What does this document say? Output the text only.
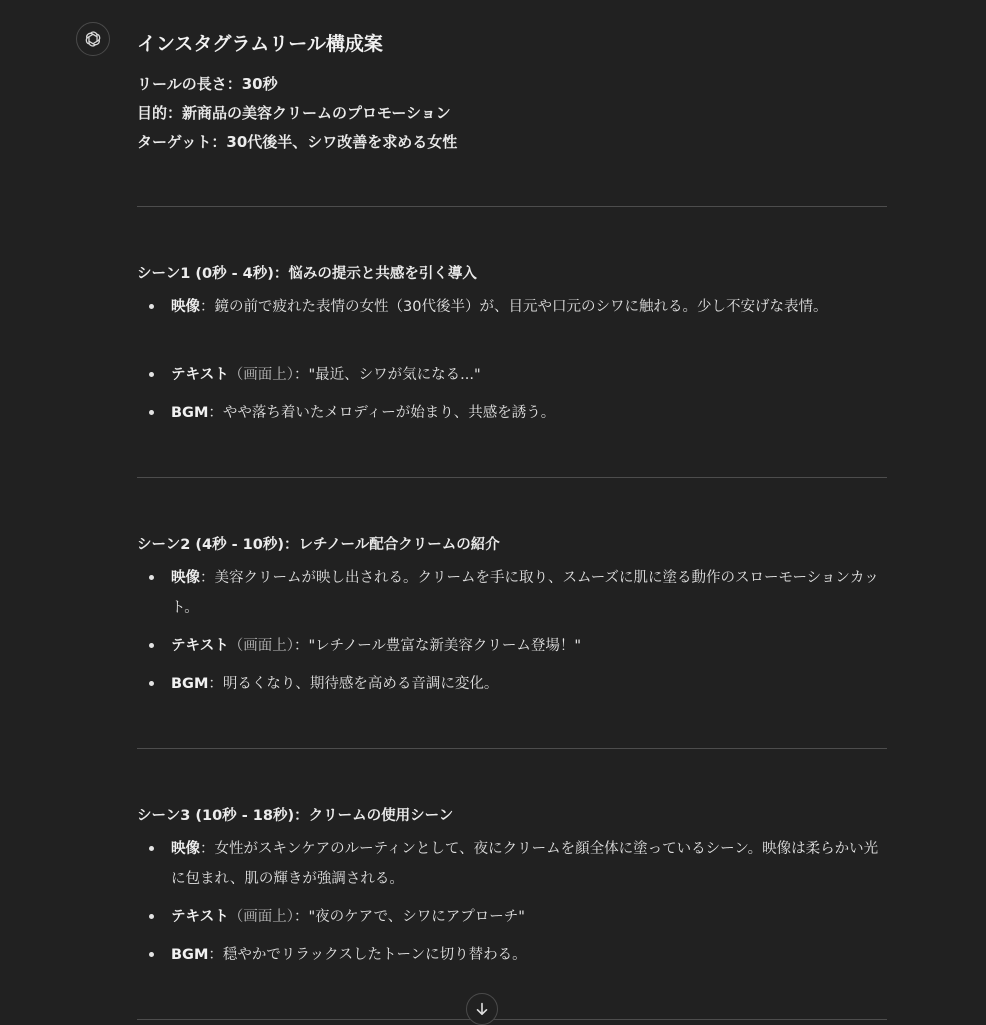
インスタグラムリール構成案
リールの長さ：30秒
目的：新商品の美容クリームのプロモーション
ターゲット：30代後半、シワ改善を求める女性
シーン1 (0秒 - 4秒)：悩みの提示と共感を引く導入
映像：鏡の前で疲れた表情の女性（30代後半）が、目元や口元のシワに触れる。少し不安げな表情。
テキスト（画面上）："最近、シワが気になる..."
BGM：やや落ち着いたメロディーが始まり、共感を誘う。
シーン2 (4秒 - 10秒)：レチノール配合クリームの紹介
映像：美容クリームが映し出される。クリームを手に取り、スムーズに肌に塗る動作のスローモーションカット。
テキスト（画面上）："レチノール豊富な新美容クリーム登場！"
BGM：明るくなり、期待感を高める音調に変化。
シーン3 (10秒 - 18秒)：クリームの使用シーン
映像：女性がスキンケアのルーティンとして、夜にクリームを顔全体に塗っているシーン。映像は柔らかい光に包まれ、肌の輝きが強調される。
テキスト（画面上）："夜のケアで、シワにアプローチ"
BGM：穏やかでリラックスしたトーンに切り替わる。
